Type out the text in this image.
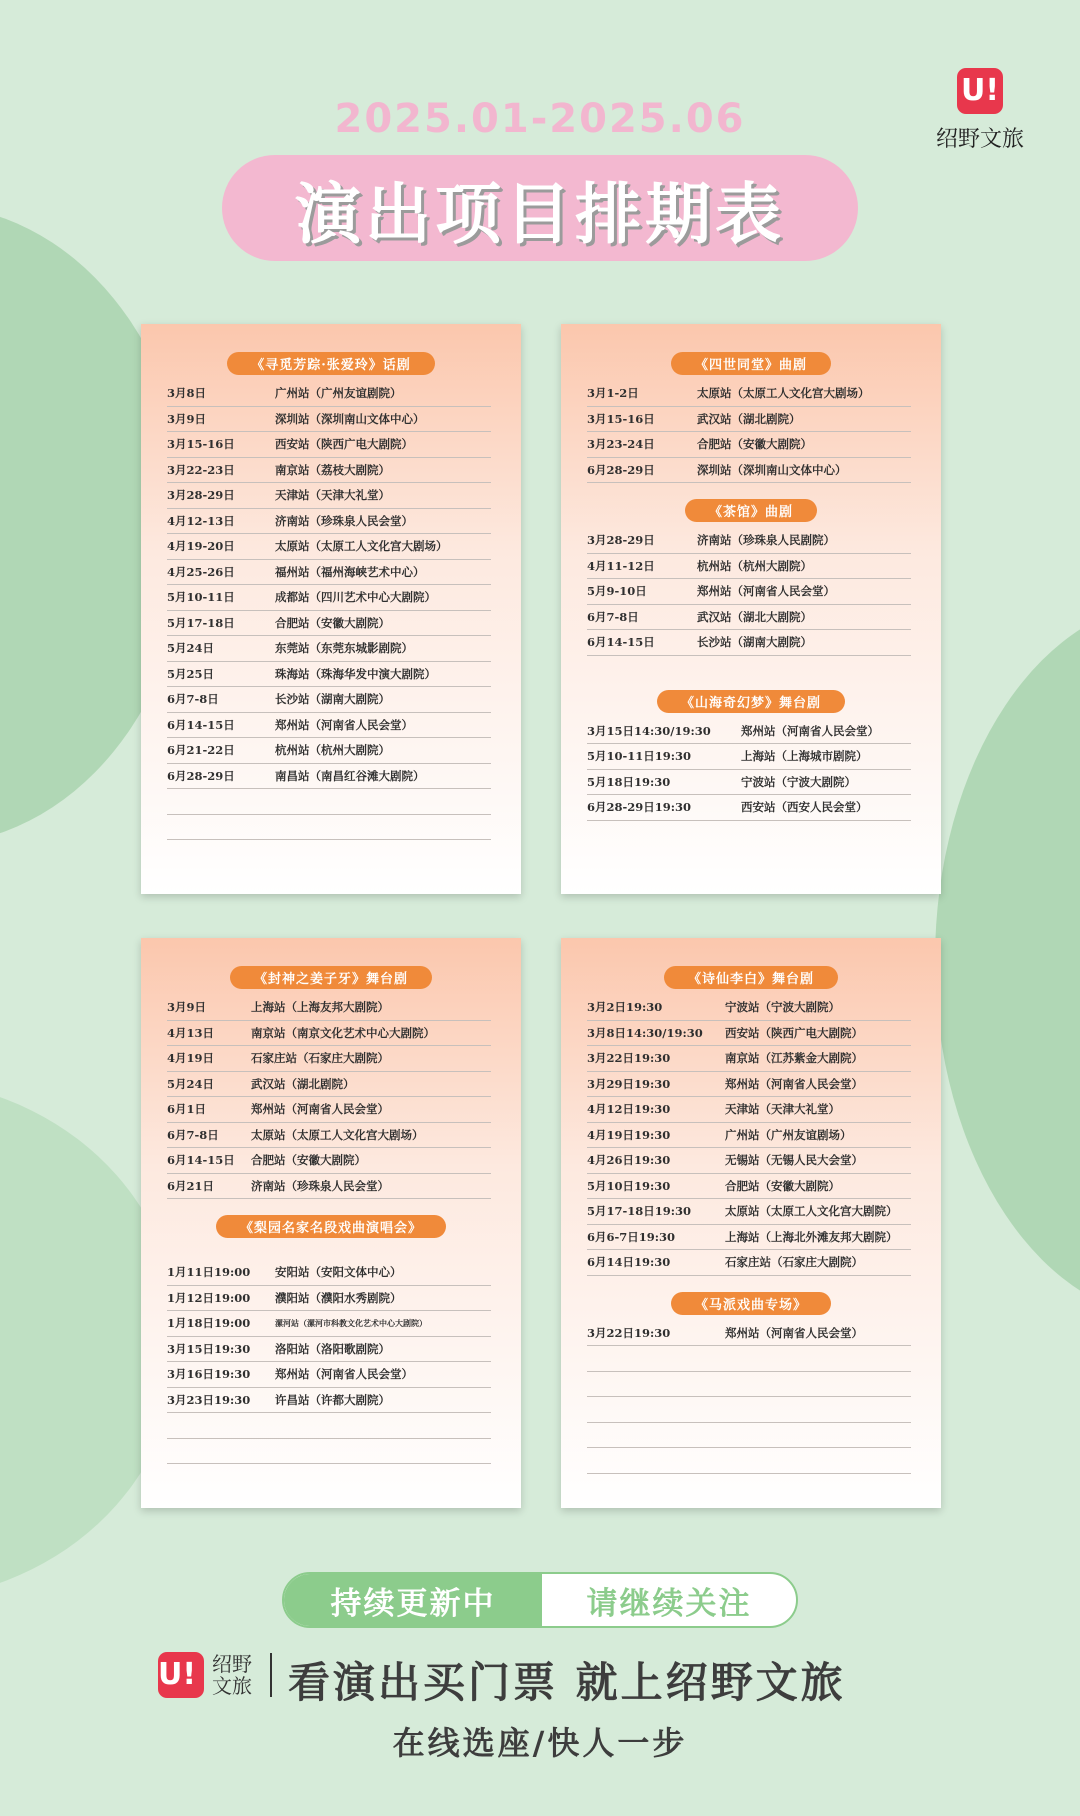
U!
绍野文旅
2025.01-2025.06
演出项目排期表
《寻觅芳踪·张爱玲》话剧
3月8日	广州站（广州友谊剧院）
3月9日	深圳站（深圳南山文体中心）
3月15-16日	西安站（陕西广电大剧院）
3月22-23日	南京站（荔枝大剧院）
3月28-29日	天津站（天津大礼堂）
4月12-13日	济南站（珍珠泉人民会堂）
4月19-20日	太原站（太原工人文化宫大剧场）
4月25-26日	福州站（福州海峡艺术中心）
5月10-11日	成都站（四川艺术中心大剧院）
5月17-18日	合肥站（安徽大剧院）
5月24日	东莞站（东莞东城影剧院）
5月25日	珠海站（珠海华发中演大剧院）
6月7-8日	长沙站（湖南大剧院）
6月14-15日	郑州站（河南省人民会堂）
6月21-22日	杭州站（杭州大剧院）
6月28-29日	南昌站（南昌红谷滩大剧院）
《四世同堂》曲剧
3月1-2日	太原站（太原工人文化宫大剧场）
3月15-16日	武汉站（湖北剧院）
3月23-24日	合肥站（安徽大剧院）
6月28-29日	深圳站（深圳南山文体中心）
《茶馆》曲剧
3月28-29日	济南站（珍珠泉人民剧院）
4月11-12日	杭州站（杭州大剧院）
5月9-10日	郑州站（河南省人民会堂）
6月7-8日	武汉站（湖北大剧院）
6月14-15日	长沙站（湖南大剧院）
《山海奇幻梦》舞台剧
3月15日14:30/19:30	郑州站（河南省人民会堂）
5月10-11日19:30	上海站（上海城市剧院）
5月18日19:30	宁波站（宁波大剧院）
6月28-29日19:30	西安站（西安人民会堂）
《封神之姜子牙》舞台剧
3月9日	上海站（上海友邦大剧院）
4月13日	南京站（南京文化艺术中心大剧院）
4月19日	石家庄站（石家庄大剧院）
5月24日	武汉站（湖北剧院）
6月1日	郑州站（河南省人民会堂）
6月7-8日	太原站（太原工人文化宫大剧场）
6月14-15日	合肥站（安徽大剧院）
6月21日	济南站（珍珠泉人民会堂）
《梨园名家名段戏曲演唱会》
1月11日19:00	安阳站（安阳文体中心）
1月12日19:00	濮阳站（濮阳水秀剧院）
1月18日19:00	漯河站（漯河市科教文化艺术中心大剧院）
3月15日19:30	洛阳站（洛阳歌剧院）
3月16日19:30	郑州站（河南省人民会堂）
3月23日19:30	许昌站（许都大剧院）
《诗仙李白》舞台剧
3月2日19:30	宁波站（宁波大剧院）
3月8日14:30/19:30	西安站（陕西广电大剧院）
3月22日19:30	南京站（江苏紫金大剧院）
3月29日19:30	郑州站（河南省人民会堂）
4月12日19:30	天津站（天津大礼堂）
4月19日19:30	广州站（广州友谊剧场）
4月26日19:30	无锡站（无锡人民大会堂）
5月10日19:30	合肥站（安徽大剧院）
5月17-18日19:30	太原站（太原工人文化宫大剧院）
6月6-7日19:30	上海站（上海北外滩友邦大剧院）
6月14日19:30	石家庄站（石家庄大剧院）
《马派戏曲专场》
3月22日19:30	郑州站（河南省人民会堂）
持续更新中	请继续关注
U! 绍野文旅 看演出买门票 就上绍野文旅
在线选座/快人一步
